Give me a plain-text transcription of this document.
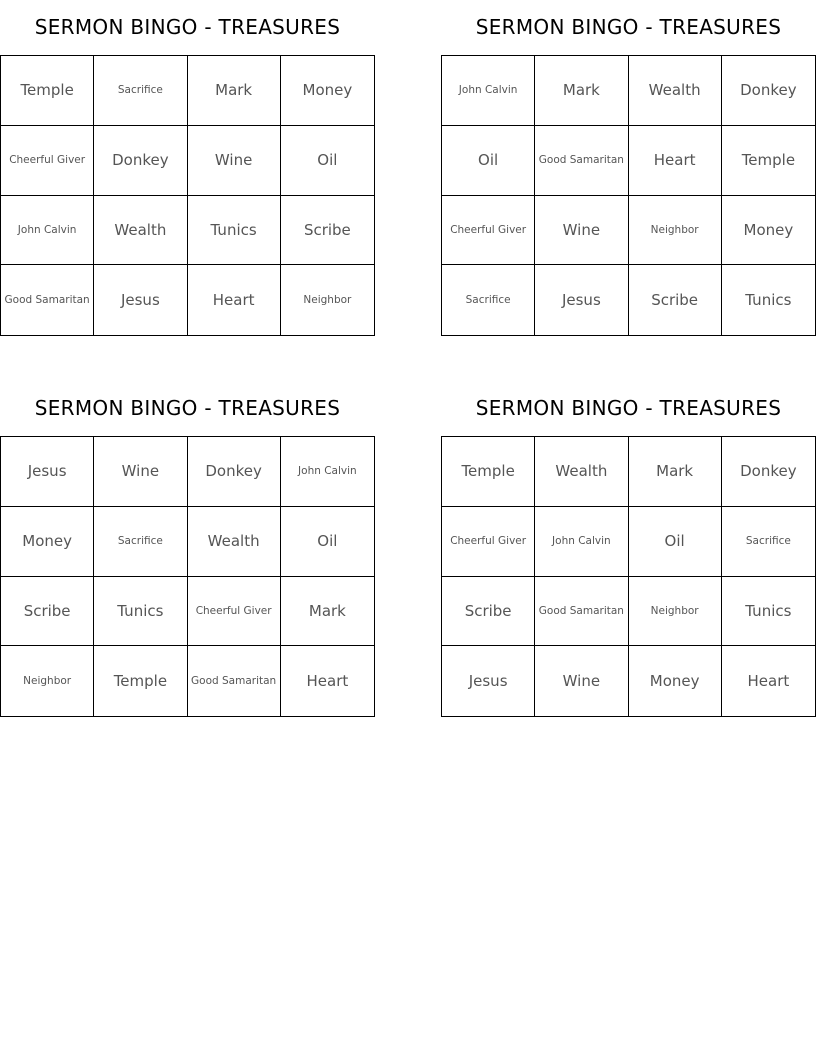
SERMON BINGO - TREASURES
Temple	Sacrifice	Mark	Money
Cheerful Giver	Donkey	Wine	Oil
John Calvin	Wealth	Tunics	Scribe
Good Samaritan	Jesus	Heart	Neighbor
SERMON BINGO - TREASURES
John Calvin	Mark	Wealth	Donkey
Oil	Good Samaritan	Heart	Temple
Cheerful Giver	Wine	Neighbor	Money
Sacrifice	Jesus	Scribe	Tunics
SERMON BINGO - TREASURES
Jesus	Wine	Donkey	John Calvin
Money	Sacrifice	Wealth	Oil
Scribe	Tunics	Cheerful Giver	Mark
Neighbor	Temple	Good Samaritan	Heart
SERMON BINGO - TREASURES
Temple	Wealth	Mark	Donkey
Cheerful Giver	John Calvin	Oil	Sacrifice
Scribe	Good Samaritan	Neighbor	Tunics
Jesus	Wine	Money	Heart
